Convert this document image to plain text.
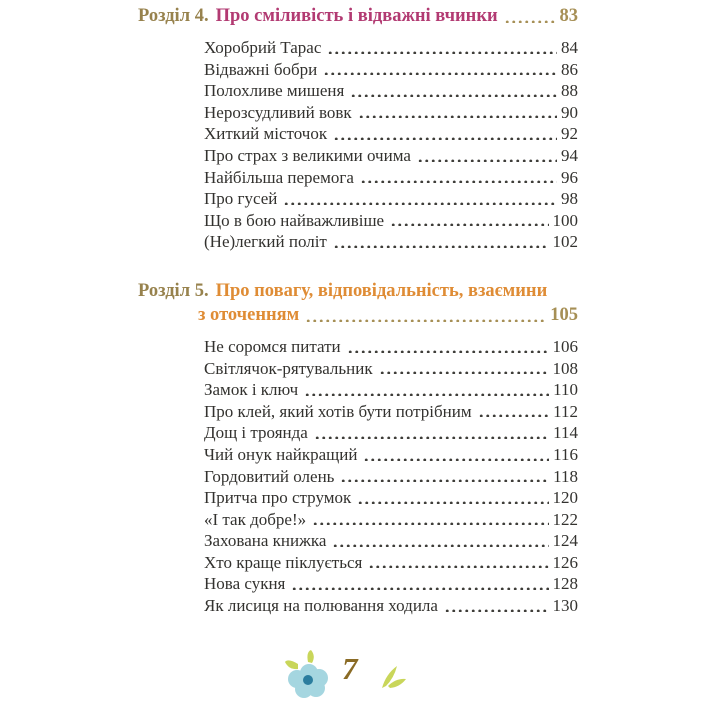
Розділ 4. Про сміливість і відважні вчинки	83
Хоробрий Тарас	84
Відважні бобри	86
Полохливе мишеня	88
Нерозсудливий вовк	90
Хиткий місточок	92
Про страх з великими очима	94
Найбільша перемога	96
Про гусей	98
Що в бою найважливіше	100
(Не)легкий політ	102
Розділ 5. Про повагу, відповідальність, взаємини
з оточенням	105
Не соромся питати	106
Світлячок-рятувальник	108
Замок і ключ	110
Про клей, який хотів бути потрібним	112
Дощ і троянда	114
Чий онук найкращий	116
Гордовитий олень	118
Притча про струмок	120
«І так добре!»	122
Захована книжка	124
Хто краще піклується	126
Нова сукня	128
Як лисиця на полювання ходила	130
7
